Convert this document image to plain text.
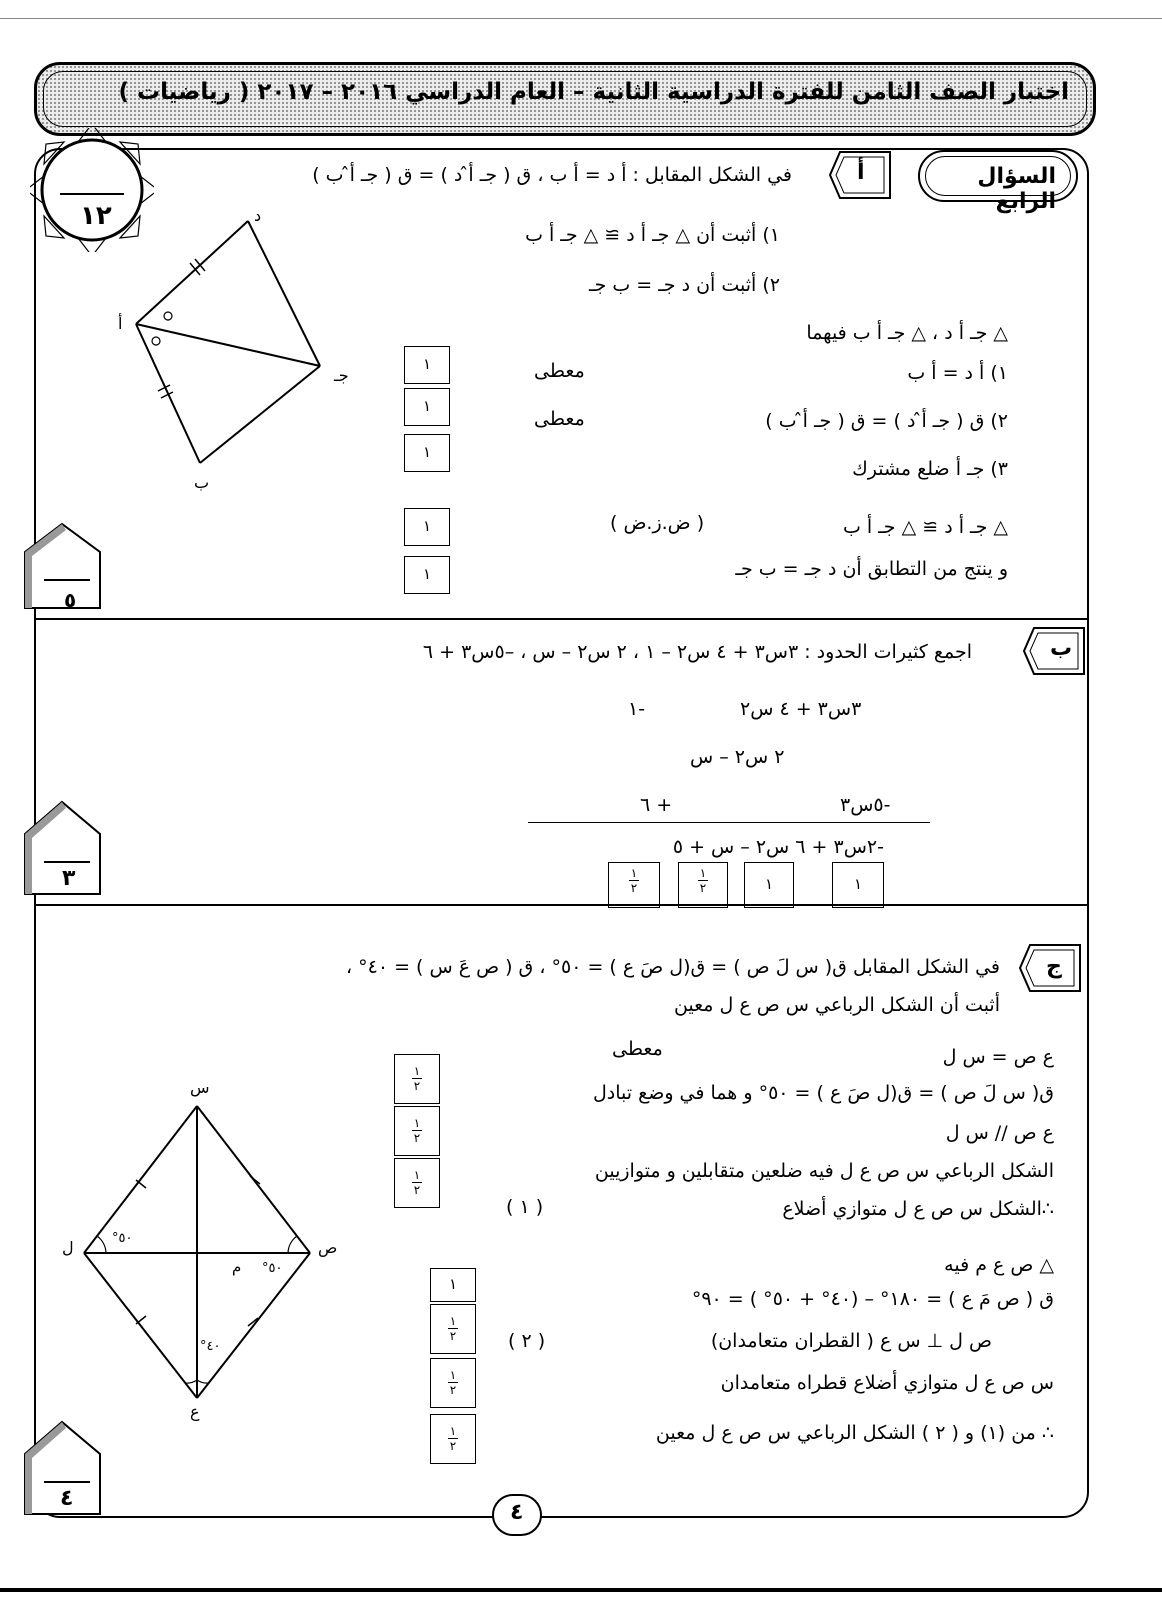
اختبار الصف الثامن للفترة الدراسية الثانية – العام الدراسي ٢٠١٦ – ٢٠١٧ ( رياضيات )
١٢
السؤال الرابع
أ
في الشكل المقابل : أ د = أ ب ، ق ( جـ أ̂ د ) = ق ( جـ أ̂ ب )
١) أثبت أن △ جـ أ د ≅ △ جـ أ ب
٢) أثبت أن د جـ = ب جـ
△ جـ أ د ، △ جـ أ ب فيهما
١) أ د = أ ب
معطى
٢) ق ( جـ أ̂ د ) = ق ( جـ أ̂ ب )
معطى
٣) جـ أ ضلع مشترك
△ جـ أ د ≅ △ جـ أ ب
( ض.ز.ض )
و ينتج من التطابق أن د جـ = ب جـ
١
١
١
١
١
د
أ
جـ
ب
٥
ب
اجمع كثيرات الحدود : ٣س٣ + ٤ س٢ – ١ ، ٢ س٢ – س ، –٥س٣ + ٦
٣س٣ + ٤ س٢
-١
٢ س٢ – س
-٥س٣
+ ٦
-٢س٣ + ٦ س٢ – س + ٥
١
١
$\frac{١}{٢}$
$\frac{١}{٢}$
٣
ج
في الشكل المقابل ق( س لَ ص ) = ق(ل صَ ع ) = ٥٠° ، ق ( ص عَ س ) = ٤٠° ،
أثبت أن الشكل الرباعي س ص ع ل معين
ع ص = س ل
معطى
ق( س لَ ص ) = ق(ل صَ ع ) = ٥٠° و هما في وضع تبادل
ع ص // س ل
الشكل الرباعي س ص ع ل فيه ضلعين متقابلين و متوازيين
∴الشكل س ص ع ل متوازي أضلاع
( ١ )
△ ص ع م فيه
ق ( ص مَ ع ) = ١٨٠° – (٤٠° + ٥٠° ) = ٩٠°
ص ل ⊥ س ع ( القطران متعامدان)
( ٢ )
س ص ع ل متوازي أضلاع قطراه متعامدان
∴ من (١) و ( ٢ ) الشكل الرباعي س ص ع ل معين
$\frac{١}{٢}$
$\frac{١}{٢}$
$\frac{١}{٢}$
١
$\frac{١}{٢}$
$\frac{١}{٢}$
$\frac{١}{٢}$
س
ل	ص
ع
م
٥٠°
٥٠°
٤٠°
٤
٤
